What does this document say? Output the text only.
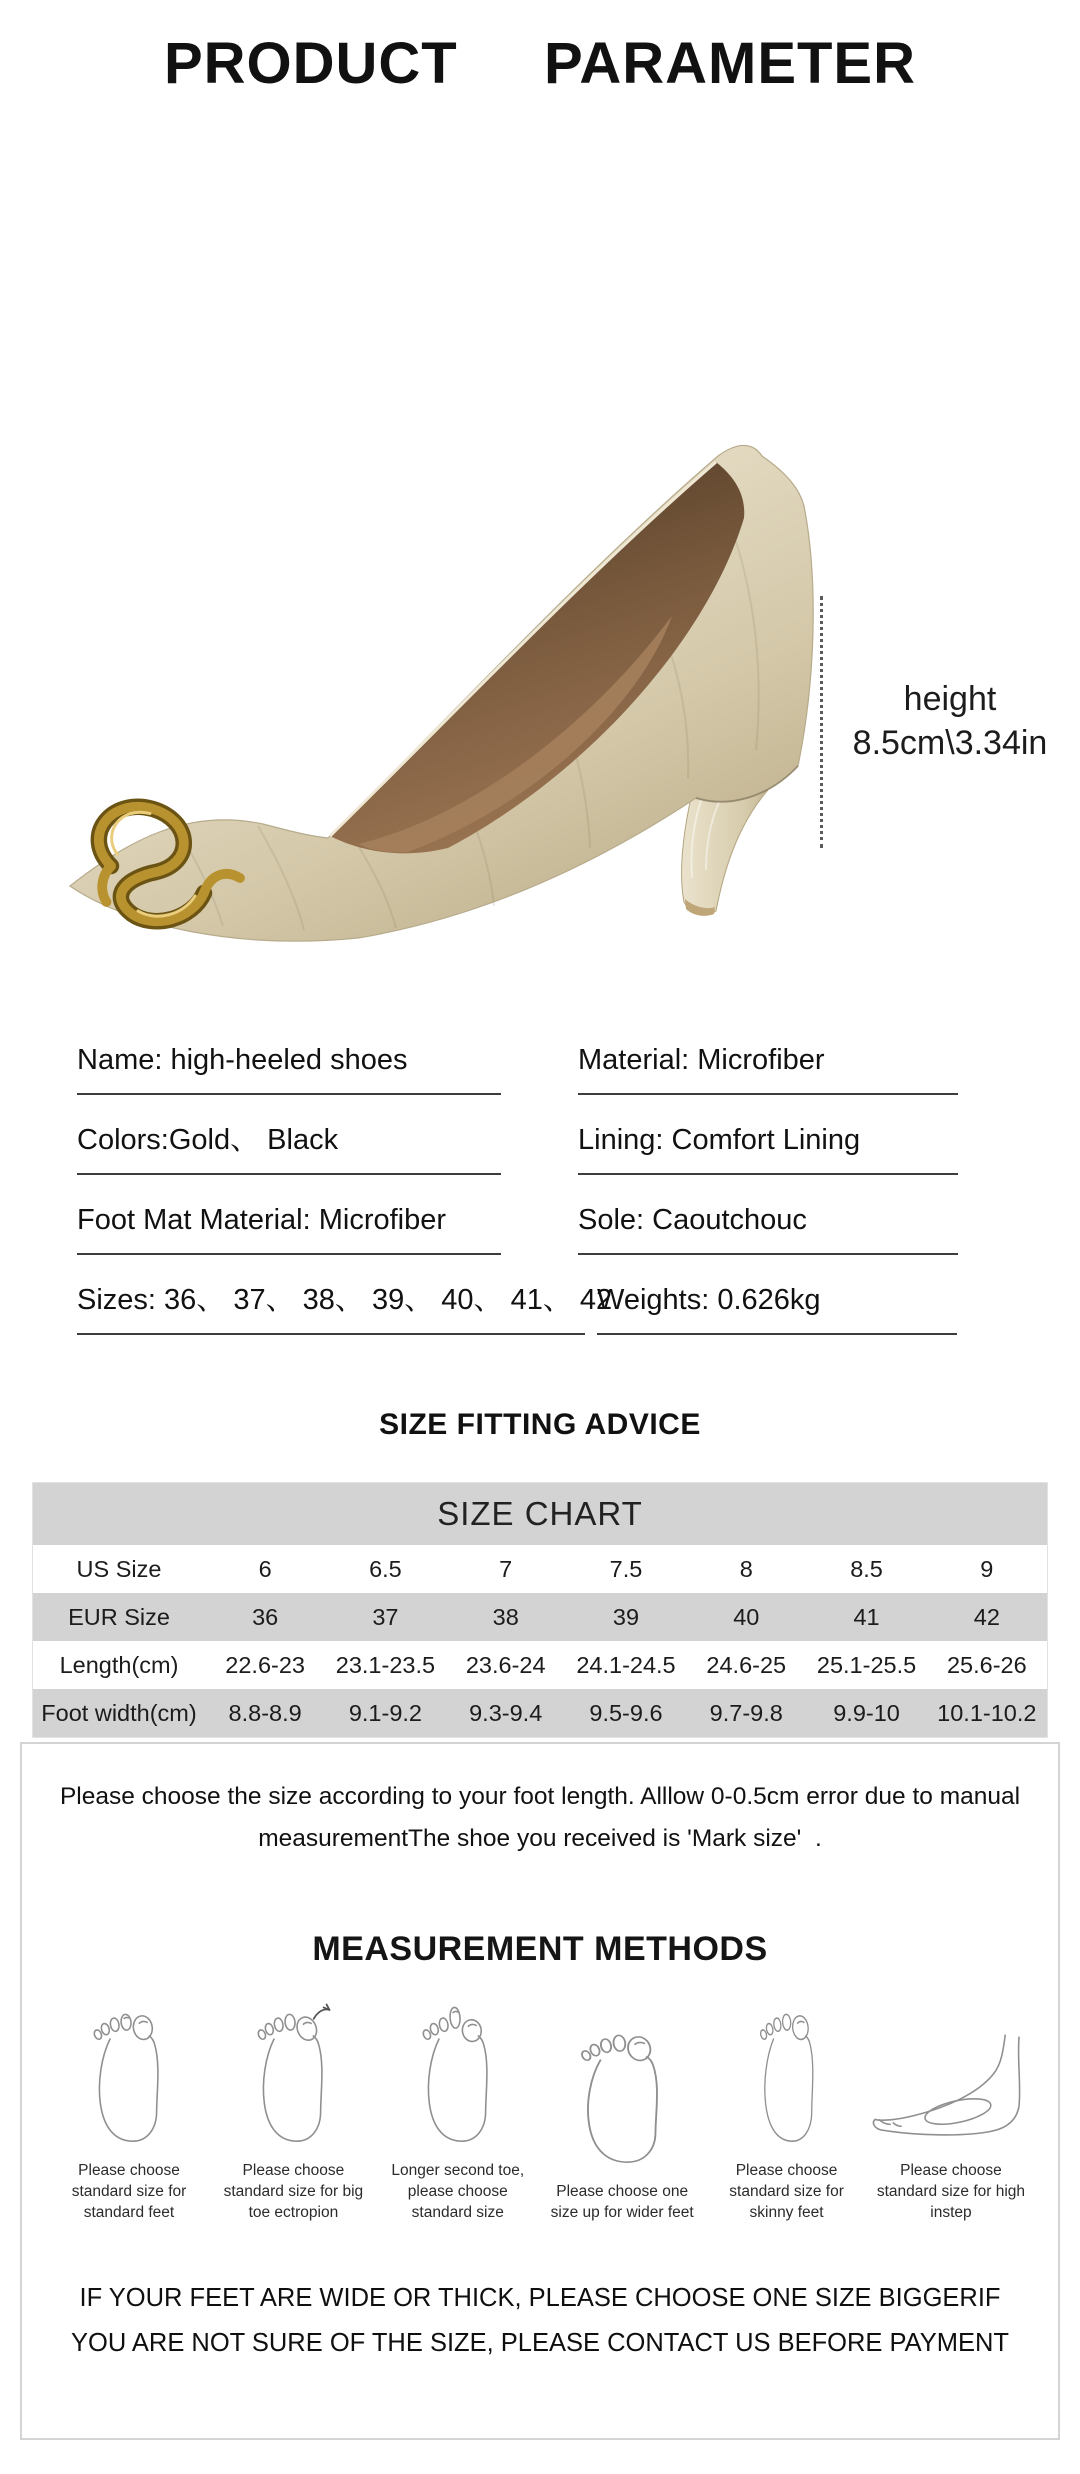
PRODUCT  PARAMETER
height
8.5cm\3.34in
Name: high-heeled shoes	Material: Microfiber
Colors:Gold、 Black	Lining: Comfort Lining
Foot Mat Material: Microfiber	Sole: Caoutchouc
Sizes: 36、 37、 38、 39、 40、 41、 42
Weights: 0.626kg
SIZE FITTING ADVICE
SIZE CHART
US Size	6	6.5	7	7.5	8	8.5	9
EUR Size	36	37	38	39	40	41	42
Length(cm)	22.6-23	23.1-23.5	23.6-24	24.1-24.5	24.6-25	25.1-25.5	25.6-26
Foot width(cm)	8.8-8.9	9.1-9.2	9.3-9.4	9.5-9.6	9.7-9.8	9.9-10	10.1-10.2
Please choose the size according to your foot length. Alllow 0-0.5cm error due to manual
measurementThe shoe you received is 'Mark size'  .
MEASUREMENT METHODS
Please choose standard size for standard feet
Please choose standard size for big toe ectropion
Longer second toe, please choose standard size
Please choose one size up for wider feet
Please choose standard size for skinny feet
Please choose standard size for high instep
IF YOUR FEET ARE WIDE OR THICK, PLEASE CHOOSE ONE SIZE BIGGERIF
YOU ARE NOT SURE OF THE SIZE, PLEASE CONTACT US BEFORE PAYMENT
